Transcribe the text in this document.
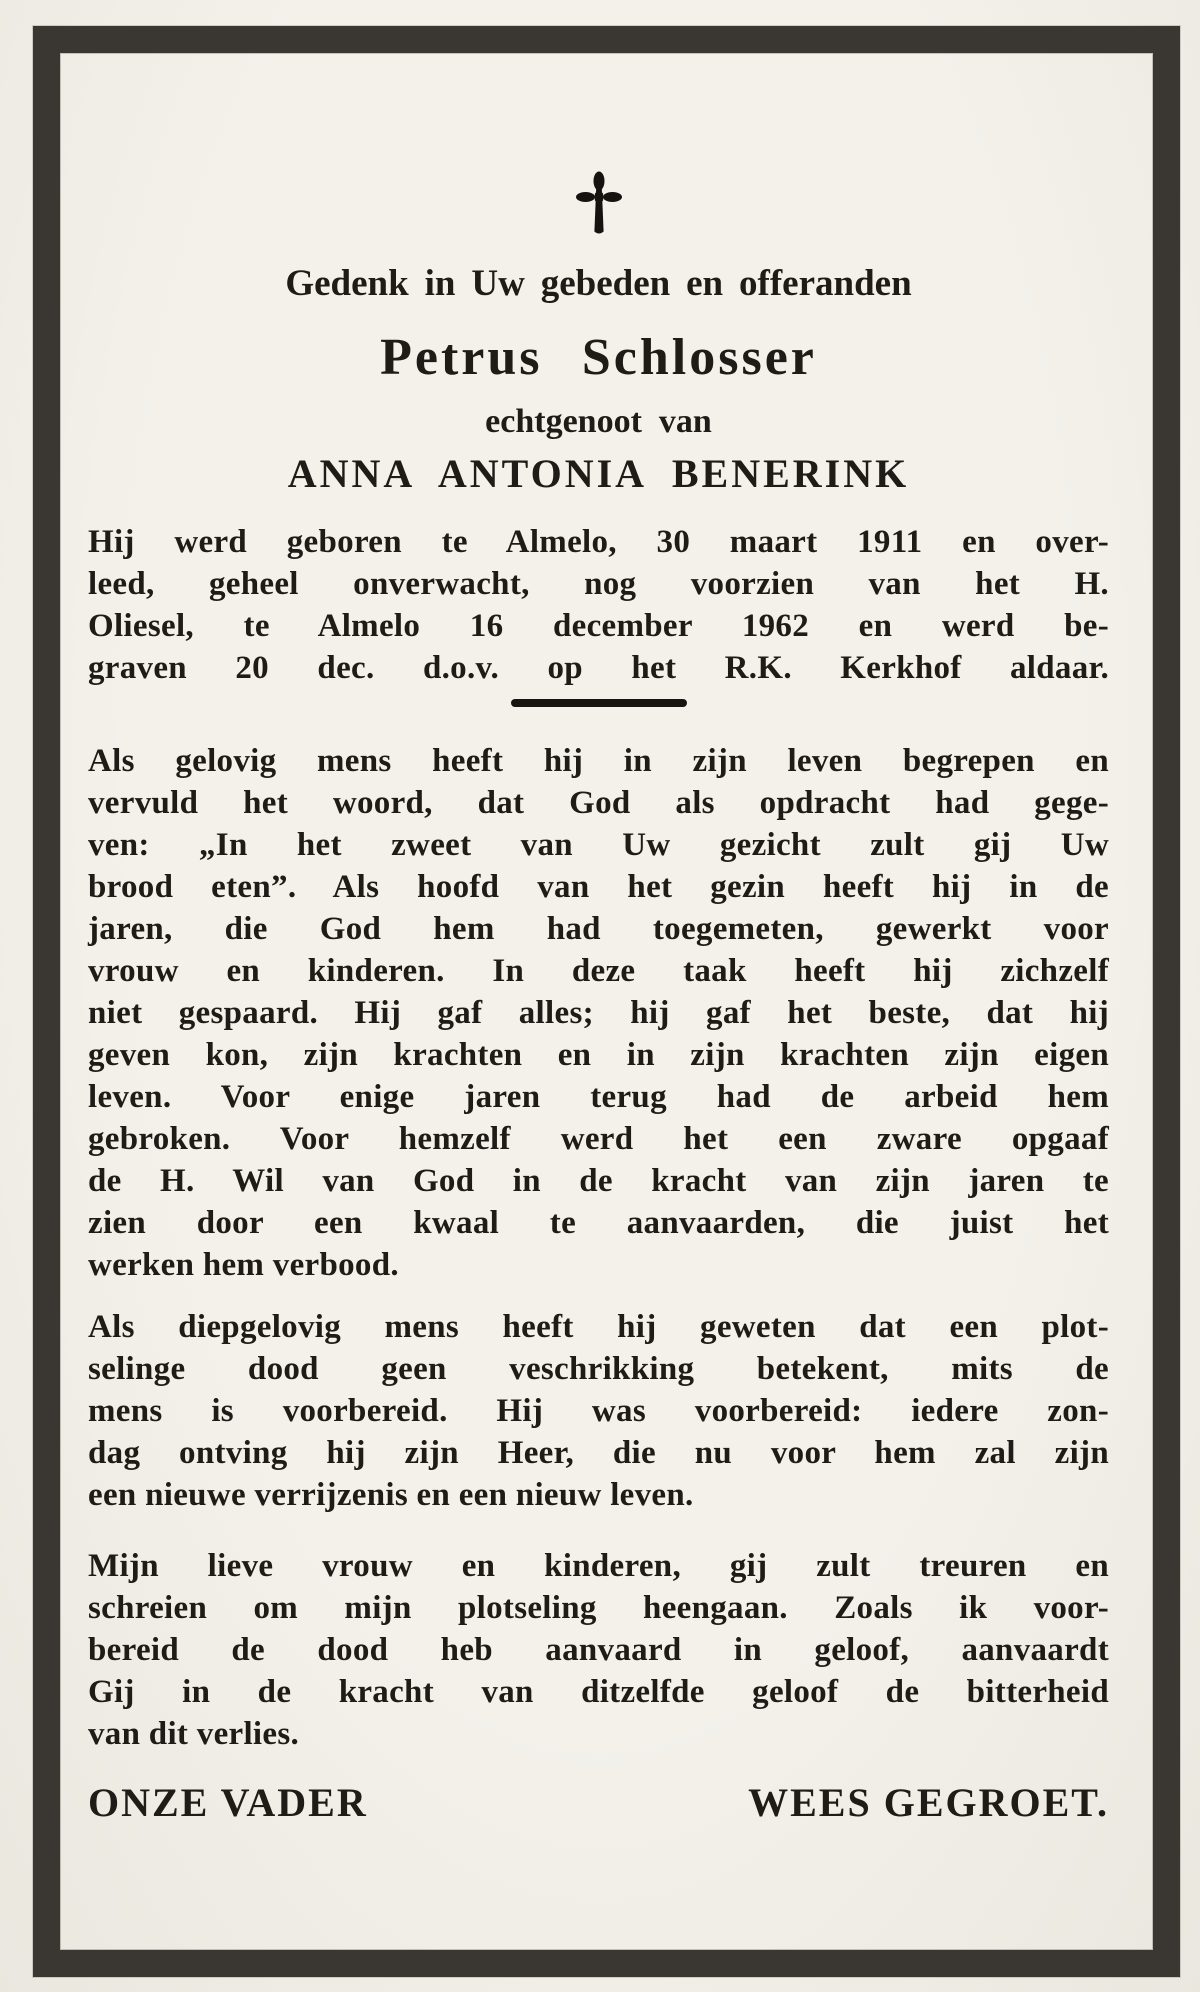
Gedenk in Uw gebeden en offeranden
Petrus Schlosser
echtgenoot van
ANNA ANTONIA BENERINK
Hij werd geboren te Almelo, 30 maart 1911 en over-
leed, geheel onverwacht, nog voorzien van het H.
Oliesel, te Almelo 16 december 1962 en werd be-
graven 20 dec. d.o.v. op het R.K. Kerkhof aldaar.
Als gelovig mens heeft hij in zijn leven begrepen en
vervuld het woord, dat God als opdracht had gege-
ven: „In het zweet van Uw gezicht zult gij Uw
brood eten”. Als hoofd van het gezin heeft hij in de
jaren, die God hem had toegemeten, gewerkt voor
vrouw en kinderen. In deze taak heeft hij zichzelf
niet gespaard. Hij gaf alles; hij gaf het beste, dat hij
geven kon, zijn krachten en in zijn krachten zijn eigen
leven. Voor enige jaren terug had de arbeid hem
gebroken. Voor hemzelf werd het een zware opgaaf
de H. Wil van God in de kracht van zijn jaren te
zien door een kwaal te aanvaarden, die juist het
werken hem verbood.
Als diepgelovig mens heeft hij geweten dat een plot-
selinge dood geen veschrikking betekent, mits de
mens is voorbereid. Hij was voorbereid: iedere zon-
dag ontving hij zijn Heer, die nu voor hem zal zijn
een nieuwe verrijzenis en een nieuw leven.
Mijn lieve vrouw en kinderen, gij zult treuren en
schreien om mijn plotseling heengaan. Zoals ik voor-
bereid de dood heb aanvaard in geloof, aanvaardt
Gij in de kracht van ditzelfde geloof de bitterheid
van dit verlies.
ONZE VADER	WEES GEGROET.
